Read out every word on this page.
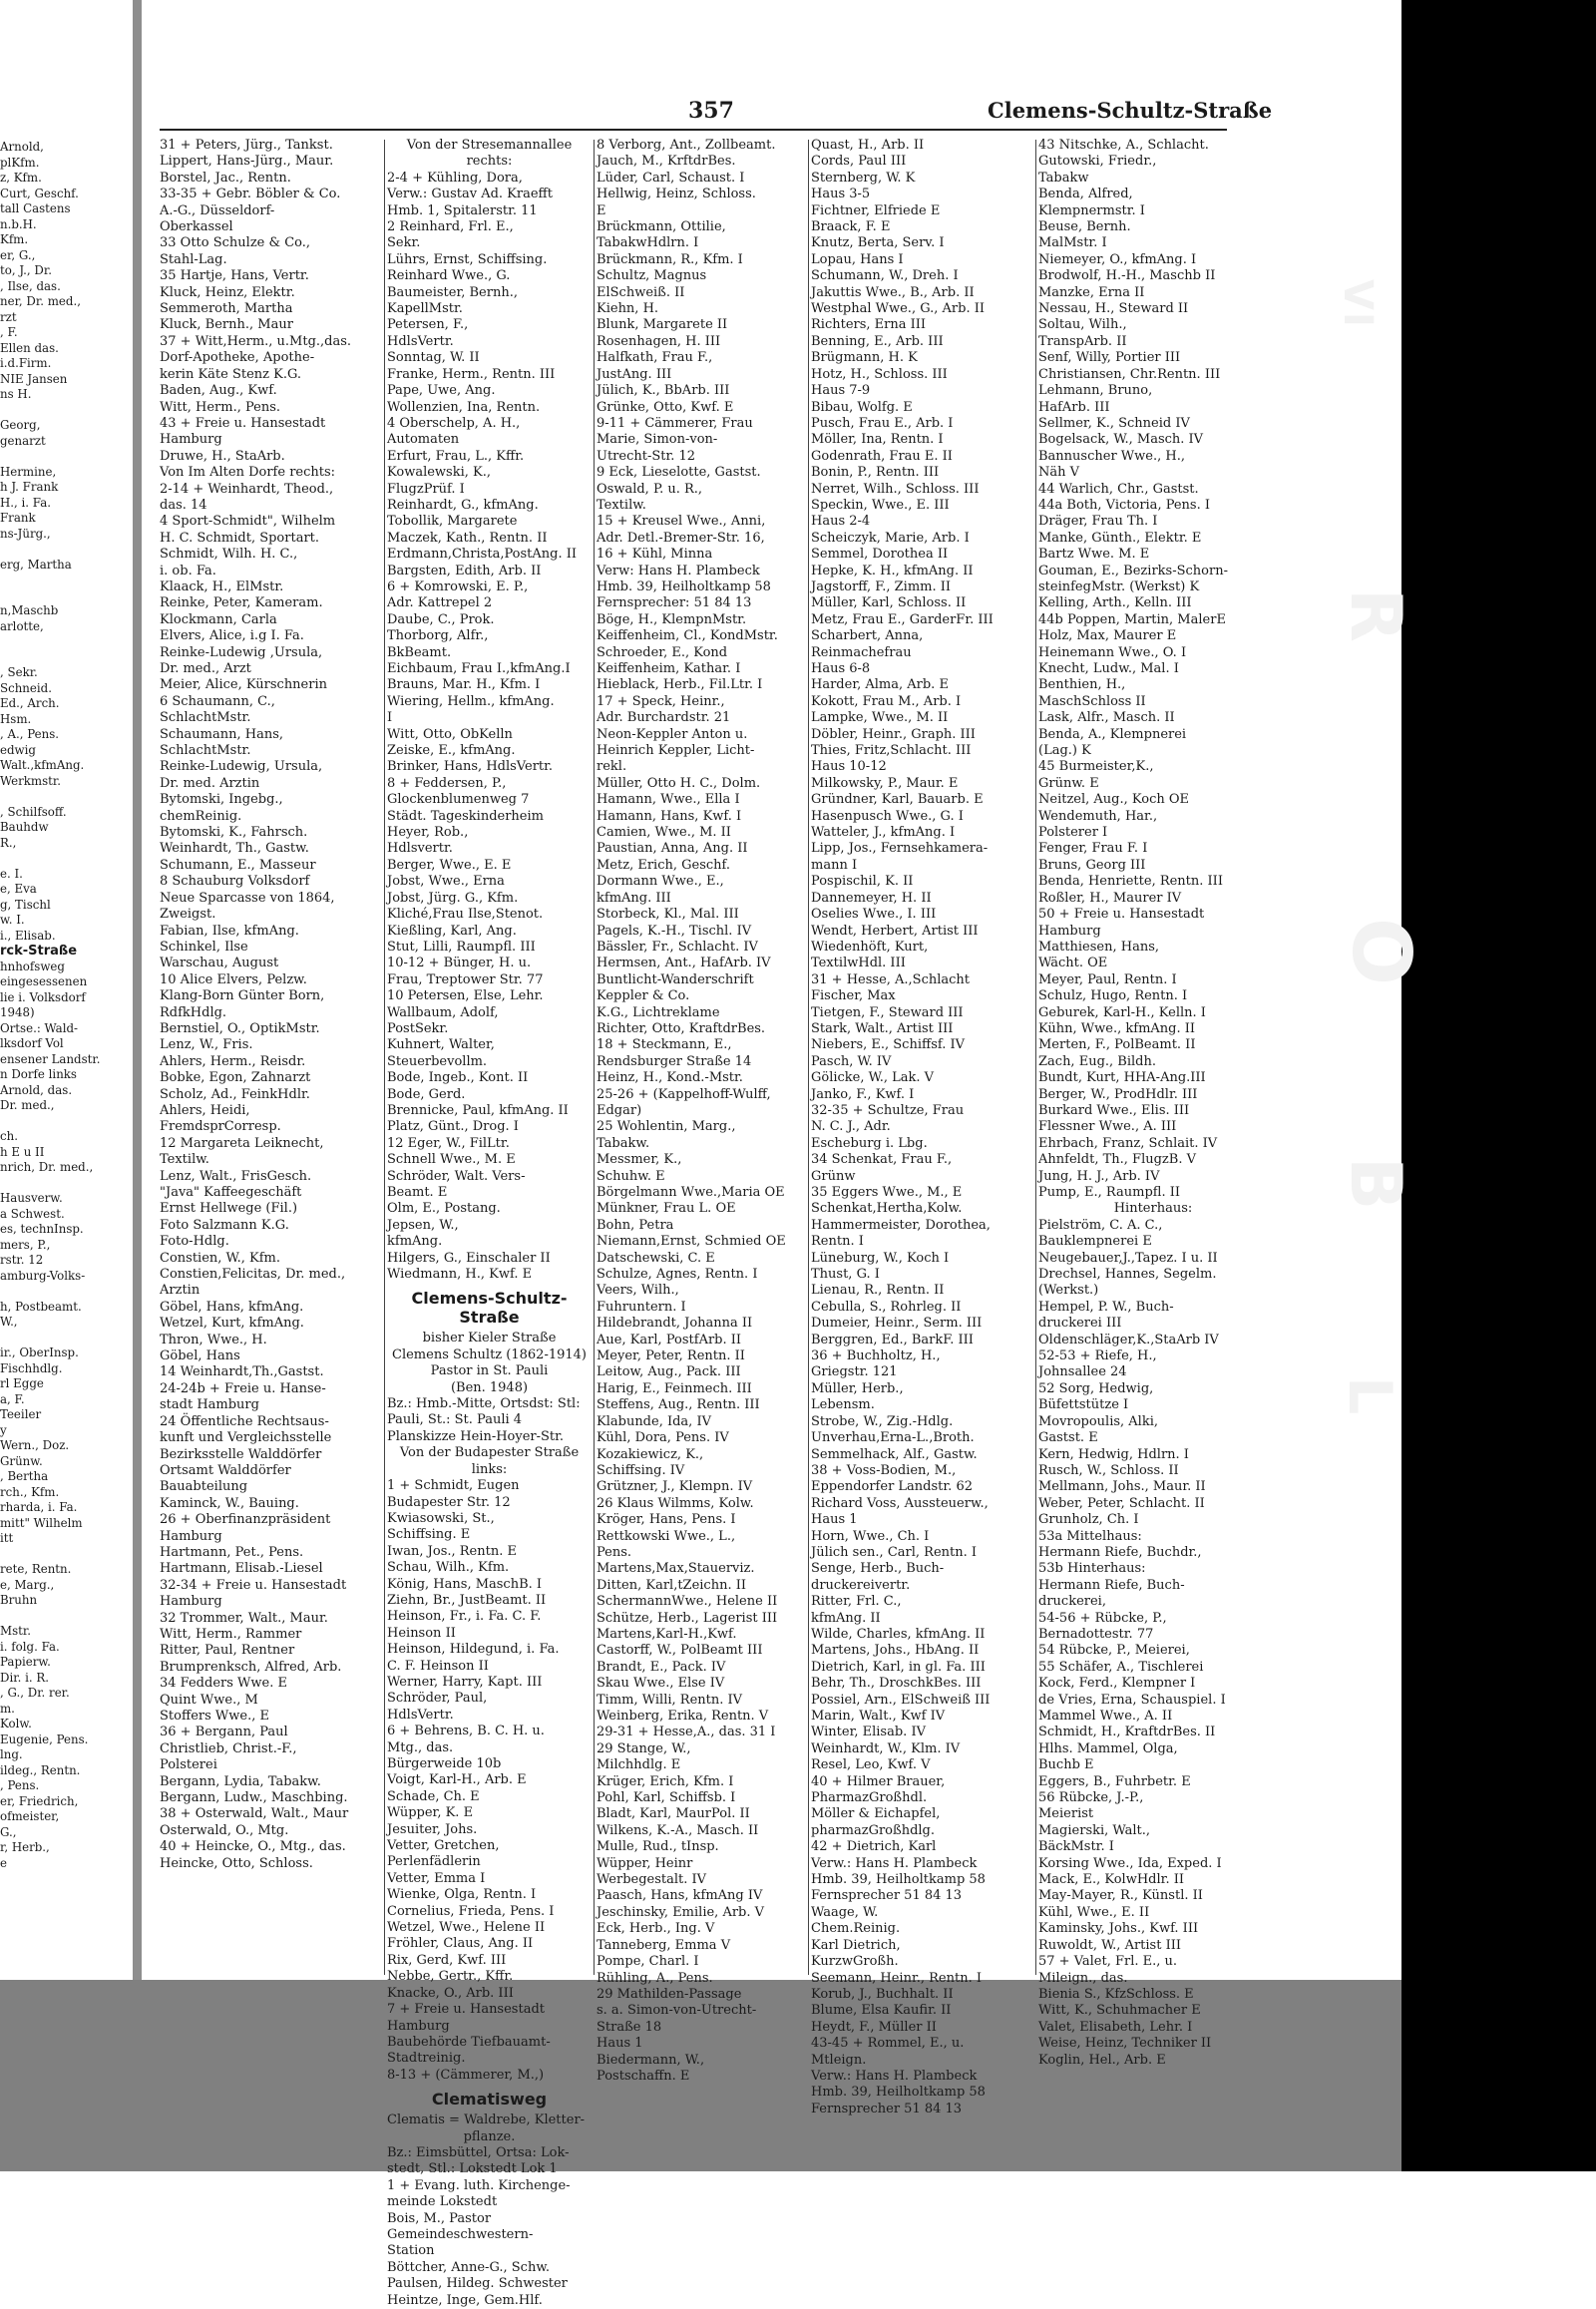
Arnold,
plKfm.
z, Kfm.
Curt, Geschf.
tall Castens
n.b.H.
Kfm.
er, G.,
to, J., Dr.
, Ilse, das.
ner, Dr. med.,
rzt
, F.
Ellen das.
i.d.Firm.
NIE Jansen
ns H.

Georg,
genarzt

Hermine,
h J. Frank
H., i. Fa.
Frank
ns-Jürg.,

erg, Martha

n,Maschb
arlotte,

, Sekr.
Schneid.
Ed., Arch.
Hsm.
, A., Pens.
edwig
Walt.,kfmAng.
Werkmstr.

, Schilfsoff.
Bauhdw
R.,

e. I.
e, Eva
g, Tischl
w. I.
i., Elisab.
rck-Straße
hnhofsweg
eingesessenen
lie i. Volksdorf
1948)
Ortse.: Wald-
lksdorf Vol
ensener Landstr.
n Dorfe links
Arnold, das.
Dr. med.,

ch.
h E u II
nrich, Dr. med.,

Hausverw.
a Schwest.
es, technInsp.
mers, P.,
rstr. 12
amburg-Volks-

h, Postbeamt.
W.,

ir., OberInsp.
Fischhdlg.
rl Egge
a, F.
Teeiler
y
Wern., Doz.
Grünw.
, Bertha
rch., Kfm.
rharda, i. Fa.
mitt" Wilhelm
itt

rete, Rentn.
e, Marg.,
Bruhn

Mstr.
i. folg. Fa.
Papierw.
Dir. i. R.
, G., Dr. rer.
m.
Kolw.
Eugenie, Pens.
lng.
ildeg., Rentn.
, Pens.
er, Friedrich,
ofmeister,
G.,
r, Herb.,
e
VI
R
O
B
L
357	Clemens-Schultz-Straße
31 + Peters, Jürg., Tankst.
Lippert, Hans-Jürg., Maur.
Borstel, Jac., Rentn.
33-35 + Gebr. Böbler & Co.
A.-G., Düsseldorf-
Oberkassel
33 Otto Schulze & Co.,
Stahl-Lag.
35 Hartje, Hans, Vertr.
Kluck, Heinz, Elektr.
Semmeroth, Martha
Kluck, Bernh., Maur
37 + Witt,Herm., u.Mtg.,das.
Dorf-Apotheke, Apothe-
kerin Käte Stenz K.G.
Baden, Aug., Kwf.
Witt, Herm., Pens.
43 + Freie u. Hansestadt
Hamburg
Druwe, H., StaArb.
Von Im Alten Dorfe rechts:
2-14 + Weinhardt, Theod.,
das. 14
4 Sport-Schmidt", Wilhelm
H. C. Schmidt, Sportart.
Schmidt, Wilh. H. C.,
i. ob. Fa.
Klaack, H., ElMstr.
Reinke, Peter, Kameram.
Klockmann, Carla
Elvers, Alice, i.g I. Fa.
Reinke-Ludewig ,Ursula,
Dr. med., Arzt
Meier, Alice, Kürschnerin
6 Schaumann, C.,
SchlachtMstr.
Schaumann, Hans,
SchlachtMstr.
Reinke-Ludewig, Ursula,
Dr. med. Arztin
Bytomski, Ingebg.,
chemReinig.
Bytomski, K., Fahrsch.
Weinhardt, Th., Gastw.
Schumann, E., Masseur
8 Schauburg Volksdorf
Neue Sparcasse von 1864,
Zweigst.
Fabian, Ilse, kfmAng.
Schinkel, Ilse
Warschau, August
10 Alice Elvers, Pelzw.
Klang-Born Günter Born,
RdfkHdlg.
Bernstiel, O., OptikMstr.
Lenz, W., Fris.
Ahlers, Herm., Reisdr.
Bobke, Egon, Zahnarzt
Scholz, Ad., FeinkHdlr.
Ahlers, Heidi,
FremdsprCorresp.
12 Margareta Leiknecht,
Textilw.
Lenz, Walt., FrisGesch.
"Java" Kaffeegeschäft
Ernst Hellwege (Fil.)
Foto Salzmann K.G.
Foto-Hdlg.
Constien, W., Kfm.
Constien,Felicitas, Dr. med.,
Arztin
Göbel, Hans, kfmAng.
Wetzel, Kurt, kfmAng.
Thron, Wwe., H.
Göbel, Hans
14 Weinhardt,Th.,Gastst.
24-24b + Freie u. Hanse-
stadt Hamburg
24 Öffentliche Rechtsaus-
kunft und Vergleichsstelle
Bezirksstelle Walddörfer
Ortsamt Walddörfer
Bauabteilung
Kaminck, W., Bauing.
26 + Oberfinanzpräsident
Hamburg
Hartmann, Pet., Pens.
Hartmann, Elisab.-Liesel
32-34 + Freie u. Hansestadt
Hamburg
32 Trommer, Walt., Maur.
Witt, Herm., Rammer
Ritter, Paul, Rentner
Brumprenksch, Alfred, Arb.
34 Fedders Wwe. E
Quint Wwe., M
Stoffers Wwe., E
36 + Bergann, Paul
Christlieb, Christ.-F.,
Polsterei
Bergann, Lydia, Tabakw.
Bergann, Ludw., Maschbing.
38 + Osterwald, Walt., Maur
Osterwald, O., Mtg.
40 + Heincke, O., Mtg., das.
Heincke, Otto, Schloss.
Von der Stresemannallee
rechts:
2-4 + Kühling, Dora,
Verw.: Gustav Ad. Kraefft
Hmb. 1, Spitalerstr. 11
2 Reinhard, Frl. E.,
Sekr.
Lührs, Ernst, Schiffsing.
Reinhard Wwe., G.
Baumeister, Bernh.,
KapellMstr.
Petersen, F.,
HdlsVertr.
Sonntag, W. II
Franke, Herm., Rentn. III
Pape, Uwe, Ang.
Wollenzien, Ina, Rentn.
4 Oberschelp, A. H.,
Automaten
Erfurt, Frau, L., Kffr.
Kowalewski, K.,
FlugzPrüf. I
Reinhardt, G., kfmAng.
Tobollik, Margarete
Maczek, Kath., Rentn. II
Erdmann,Christa,PostAng. II
Bargsten, Edith, Arb. II
6 + Komrowski, E. P.,
Adr. Kattrepel 2
Daube, C., Prok.
Thorborg, Alfr.,
BkBeamt.
Eichbaum, Frau I.,kfmAng.I
Brauns, Mar. H., Kfm. I
Wiering, Hellm., kfmAng.
I
Witt, Otto, ObKelln
Zeiske, E., kfmAng.
Brinker, Hans, HdlsVertr.
8 + Feddersen, P.,
Glockenblumenweg 7
Städt. Tageskinderheim
Heyer, Rob.,
Hdlsvertr.
Berger, Wwe., E. E
Jobst, Wwe., Erna
Jobst, Jürg. G., Kfm.
Kliché,Frau Ilse,Stenot.
Kießling, Karl, Ang.
Stut, Lilli, Raumpfl. III
10-12 + Bünger, H. u.
Frau, Treptower Str. 77
10 Petersen, Else, Lehr.
Wallbaum, Adolf,
PostSekr.
Kuhnert, Walter,
Steuerbevollm.
Bode, Ingeb., Kont. II
Bode, Gerd.
Brennicke, Paul, kfmAng. II
Platz, Günt., Drog. I
12 Eger, W., FilLtr.
Schnell Wwe., M. E
Schröder, Walt. Vers-
Beamt. E
Olm, E., Postang.
Jepsen, W.,
kfmAng.
Hilgers, G., Einschaler II
Wiedmann, H., Kwf. E
Clemens-Schultz-Straße
bisher Kieler Straße
Clemens Schultz (1862-1914)
Pastor in St. Pauli
(Ben. 1948)
Bz.: Hmb.-Mitte, Ortsdst: Stl:
Pauli, St.: St. Pauli 4
Planskizze Hein-Hoyer-Str.
Von der Budapester Straße
links:
1 + Schmidt, Eugen
Budapester Str. 12
Kwiasowski, St.,
Schiffsing. E
Iwan, Jos., Rentn. E
Schau, Wilh., Kfm.
König, Hans, MaschB. I
Ziehn, Br., JustBeamt. II
Heinson, Fr., i. Fa. C. F.
Heinson II
Heinson, Hildegund, i. Fa.
C. F. Heinson II
Werner, Harry, Kapt. III
Schröder, Paul,
HdlsVertr.
6 + Behrens, B. C. H. u.
Mtg., das.
Bürgerweide 10b
Voigt, Karl-H., Arb. E
Schade, Ch. E
Wüpper, K. E
Jesuiter, Johs.
Vetter, Gretchen,
Perlenfädlerin
Vetter, Emma I
Wienke, Olga, Rentn. I
Cornelius, Frieda, Pens. I
Wetzel, Wwe., Helene II
Fröhler, Claus, Ang. II
Rix, Gerd, Kwf. III
Nebbe, Gertr., Kffr.
Knacke, O., Arb. III
7 + Freie u. Hansestadt
Hamburg
Baubehörde Tiefbauamt-
Stadtreinig.
8-13 + (Cämmerer, M.,)
Clematisweg
Clematis = Waldrebe, Kletter-
pflanze.
Bz.: Eimsbüttel, Ortsa: Lok-
stedt, Stl.: Lokstedt Lok 1
1 + Evang. luth. Kirchenge-
meinde Lokstedt
Bois, M., Pastor
Gemeindeschwestern-
Station
Böttcher, Anne-G., Schw.
Paulsen, Hildeg. Schwester
Heintze, Inge, Gem.Hlf.
8 Verborg, Ant., Zollbeamt.
Jauch, M., KrftdrBes.
Lüder, Carl, Schaust. I
Hellwig, Heinz, Schloss.
E
Brückmann, Ottilie,
TabakwHdlrn. I
Brückmann, R., Kfm. I
Schultz, Magnus
ElSchweiß. II
Kiehn, H.
Blunk, Margarete II
Rosenhagen, H. III
Halfkath, Frau F.,
JustAng. III
Jülich, K., BbArb. III
Grünke, Otto, Kwf. E
9-11 + Cämmerer, Frau
Marie, Simon-von-
Utrecht-Str. 12
9 Eck, Lieselotte, Gastst.
Oswald, P. u. R.,
Textilw.
15 + Kreusel Wwe., Anni,
Adr. Detl.-Bremer-Str. 16,
16 + Kühl, Minna
Verw: Hans H. Plambeck
Hmb. 39, Heilholtkamp 58
Fernsprecher: 51 84 13
Böge, H., KlempnMstr.
Keiffenheim, Cl., KondMstr.
Schroeder, E., Kond
Keiffenheim, Kathar. I
Hieblack, Herb., Fil.Ltr. I
17 + Speck, Heinr.,
Adr. Burchardstr. 21
Neon-Keppler Anton u.
Heinrich Keppler, Licht-
rekl.
Müller, Otto H. C., Dolm.
Hamann, Wwe., Ella I
Hamann, Hans, Kwf. I
Camien, Wwe., M. II
Paustian, Anna, Ang. II
Metz, Erich, Geschf.
Dormann Wwe., E.,
kfmAng. III
Storbeck, Kl., Mal. III
Pagels, K.-H., Tischl. IV
Bässler, Fr., Schlacht. IV
Hermsen, Ant., HafArb. IV
Buntlicht-Wanderschrift
Keppler & Co.
K.G., Lichtreklame
Richter, Otto, KraftdrBes.
18 + Steckmann, E.,
Rendsburger Straße 14
Heinz, H., Kond.-Mstr.
25-26 + (Kappelhoff-Wulff,
Edgar)
25 Wohlentin, Marg.,
Tabakw.
Messmer, K.,
Schuhw. E
Börgelmann Wwe.,Maria OE
Münkner, Frau L. OE
Bohn, Petra
Niemann,Ernst, Schmied OE
Datschewski, C. E
Schulze, Agnes, Rentn. I
Veers, Wilh.,
Fuhruntern. I
Hildebrandt, Johanna II
Aue, Karl, PostfArb. II
Meyer, Peter, Rentn. II
Leitow, Aug., Pack. III
Harig, E., Feinmech. III
Steffens, Aug., Rentn. III
Klabunde, Ida, IV
Kühl, Dora, Pens. IV
Kozakiewicz, K.,
Schiffsing. IV
Grützner, J., Klempn. IV
26 Klaus Wilmms, Kolw.
Kröger, Hans, Pens. I
Rettkowski Wwe., L.,
Pens.
Martens,Max,Stauerviz.
Ditten, Karl,tZeichn. II
SchermannWwe., Helene II
Schütze, Herb., Lagerist III
Martens,Karl-H.,Kwf.
Castorff, W., PolBeamt III
Brandt, E., Pack. IV
Skau Wwe., Else IV
Timm, Willi, Rentn. IV
Weinberg, Erika, Rentn. V
29-31 + Hesse,A., das. 31 I
29 Stange, W.,
Milchhdlg. E
Krüger, Erich, Kfm. I
Pohl, Karl, Schiffsb. I
Bladt, Karl, MaurPol. II
Wilkens, K.-A., Masch. II
Mulle, Rud., tInsp.
Wüpper, Heinr
Werbegestalt. IV
Paasch, Hans, kfmAng IV
Jeschinsky, Emilie, Arb. V
Eck, Herb., Ing. V
Tanneberg, Emma V
Pompe, Charl. I
Rühling, A., Pens.
29 Mathilden-Passage
s. a. Simon-von-Utrecht-
Straße 18
Haus 1
Biedermann, W.,
Postschaffn. E
Quast, H., Arb. II
Cords, Paul III
Sternberg, W. K
Haus 3-5
Fichtner, Elfriede E
Braack, F. E
Knutz, Berta, Serv. I
Lopau, Hans I
Schumann, W., Dreh. I
Jakuttis Wwe., B., Arb. II
Westphal Wwe., G., Arb. II
Richters, Erna III
Benning, E., Arb. III
Brügmann, H. K
Hotz, H., Schloss. III
Haus 7-9
Bibau, Wolfg. E
Pusch, Frau E., Arb. I
Möller, Ina, Rentn. I
Godenrath, Frau E. II
Bonin, P., Rentn. III
Nerret, Wilh., Schloss. III
Speckin, Wwe., E. III
Haus 2-4
Scheiczyk, Marie, Arb. I
Semmel, Dorothea II
Hepke, K. H., kfmAng. II
Jagstorff, F., Zimm. II
Müller, Karl, Schloss. II
Metz, Frau E., GarderFr. III
Scharbert, Anna,
Reinmachefrau
Haus 6-8
Harder, Alma, Arb. E
Kokott, Frau M., Arb. I
Lampke, Wwe., M. II
Döbler, Heinr., Graph. III
Thies, Fritz,Schlacht. III
Haus 10-12
Milkowsky, P., Maur. E
Gründner, Karl, Bauarb. E
Hasenpusch Wwe., G. I
Watteler, J., kfmAng. I
Lipp, Jos., Fernsehkamera-
mann I
Pospischil, K. II
Dannemeyer, H. II
Oselies Wwe., I. III
Wendt, Herbert, Artist III
Wiedenhöft, Kurt,
TextilwHdl. III
31 + Hesse, A.,Schlacht
Fischer, Max
Tietgen, F., Steward III
Stark, Walt., Artist III
Niebers, E., Schiffsf. IV
Pasch, W. IV
Gölicke, W., Lak. V
Janko, F., Kwf. I
32-35 + Schultze, Frau
N. C. J., Adr.
Escheburg i. Lbg.
34 Schenkat, Frau F.,
Grünw
35 Eggers Wwe., M., E
Schenkat,Hertha,Kolw.
Hammermeister, Dorothea,
Rentn. I
Lüneburg, W., Koch I
Thust, G. I
Lienau, R., Rentn. II
Cebulla, S., Rohrleg. II
Dumeier, Heinr., Serm. III
Berggren, Ed., BarkF. III
36 + Buchholtz, H.,
Griegstr. 121
Müller, Herb.,
Lebensm.
Strobe, W., Zig.-Hdlg.
Unverhau,Erna-L.,Broth.
Semmelhack, Alf., Gastw.
38 + Voss-Bodien, M.,
Eppendorfer Landstr. 62
Richard Voss, Aussteuerw.,
Haus 1
Horn, Wwe., Ch. I
Jülich sen., Carl, Rentn. I
Senge, Herb., Buch-
druckereivertr.
Ritter, Frl. C.,
kfmAng. II
Wilde, Charles, kfmAng. II
Martens, Johs., HbAng. II
Dietrich, Karl, in gl. Fa. III
Behr, Th., DroschkBes. III
Possiel, Arn., ElSchweiß III
Marin, Walt., Kwf IV
Winter, Elisab. IV
Weinhardt, W., Klm. IV
Resel, Leo, Kwf. V
40 + Hilmer Brauer,
PharmazGroßhdl.
Möller & Eichapfel,
pharmazGroßhdlg.
42 + Dietrich, Karl
Verw.: Hans H. Plambeck
Hmb. 39, Heilholtkamp 58
Fernsprecher 51 84 13
Waage, W.
Chem.Reinig.
Karl Dietrich,
KurzwGroßh.
Seemann, Heinr., Rentn. I
Korub, J., Buchhalt. II
Blume, Elsa Kaufir. II
Heydt, F., Müller II
43-45 + Rommel, E., u.
Mtleign.
Verw.: Hans H. Plambeck
Hmb. 39, Heilholtkamp 58
Fernsprecher 51 84 13
43 Nitschke, A., Schlacht.
Gutowski, Friedr.,
Tabakw
Benda, Alfred,
Klempnermstr. I
Beuse, Bernh.
MalMstr. I
Niemeyer, O., kfmAng. I
Brodwolf, H.-H., Maschb II
Manzke, Erna II
Nessau, H., Steward II
Soltau, Wilh.,
TranspArb. II
Senf, Willy, Portier III
Christiansen, Chr.Rentn. III
Lehmann, Bruno,
HafArb. III
Sellmer, K., Schneid IV
Bogelsack, W., Masch. IV
Bannuscher Wwe., H.,
Näh V
44 Warlich, Chr., Gastst.
44a Both, Victoria, Pens. I
Dräger, Frau Th. I
Manke, Günth., Elektr. E
Bartz Wwe. M. E
Gouman, E., Bezirks-Schorn-
steinfegMstr. (Werkst) K
Kelling, Arth., Kelln. III
44b Poppen, Martin, MalerE
Holz, Max, Maurer E
Heinemann Wwe., O. I
Knecht, Ludw., Mal. I
Benthien, H.,
MaschSchloss II
Lask, Alfr., Masch. II
Benda, A., Klempnerei
(Lag.) K
45 Burmeister,K.,
Grünw. E
Neitzel, Aug., Koch OE
Wendemuth, Har.,
Polsterer I
Fenger, Frau F. I
Bruns, Georg III
Benda, Henriette, Rentn. III
Roßler, H., Maurer IV
50 + Freie u. Hansestadt
Hamburg
Matthiesen, Hans,
Wächt. OE
Meyer, Paul, Rentn. I
Schulz, Hugo, Rentn. I
Geburek, Karl-H., Kelln. I
Kühn, Wwe., kfmAng. II
Merten, F., PolBeamt. II
Zach, Eug., Bildh.
Bundt, Kurt, HHA-Ang.III
Berger, W., ProdHdlr. III
Burkard Wwe., Elis. III
Flessner Wwe., A. III
Ehrbach, Franz, Schlait. IV
Ahnfeldt, Th., FlugzB. V
Jung, H. J., Arb. IV
Pump, E., Raumpfl. II
Hinterhaus:
Pielström, C. A. C.,
Bauklempnerei E
Neugebauer,J.,Tapez. I u. II
Drechsel, Hannes, Segelm.
(Werkst.)
Hempel, P. W., Buch-
druckerei III
Oldenschläger,K.,StaArb IV
52-53 + Riefe, H.,
Johnsallee 24
52 Sorg, Hedwig,
Büfettstütze I
Movropoulis, Alki,
Gastst. E
Kern, Hedwig, Hdlrn. I
Rusch, W., Schloss. II
Mellmann, Johs., Maur. II
Weber, Peter, Schlacht. II
Grunholz, Ch. I
53a Mittelhaus:
Hermann Riefe, Buchdr.,
53b Hinterhaus:
Hermann Riefe, Buch-
druckerei,
54-56 + Rübcke, P.,
Bernadottestr. 77
54 Rübcke, P., Meierei,
55 Schäfer, A., Tischlerei
Kock, Ferd., Klempner I
de Vries, Erna, Schauspiel. I
Mammel Wwe., A. II
Schmidt, H., KraftdrBes. II
Hlhs. Mammel, Olga,
Buchb E
Eggers, B., Fuhrbetr. E
56 Rübcke, J.-P.,
Meierist
Magierski, Walt.,
BäckMstr. I
Korsing Wwe., Ida, Exped. I
Mack, E., KolwHdlr. II
May-Mayer, R., Künstl. II
Kühl, Wwe., E. II
Kaminsky, Johs., Kwf. III
Ruwoldt, W., Artist III
57 + Valet, Frl. E., u.
Mileign., das.
Bienia S., KfzSchloss. E
Witt, K., Schuhmacher E
Valet, Elisabeth, Lehr. I
Weise, Heinz, Techniker II
Koglin, Hel., Arb. E
